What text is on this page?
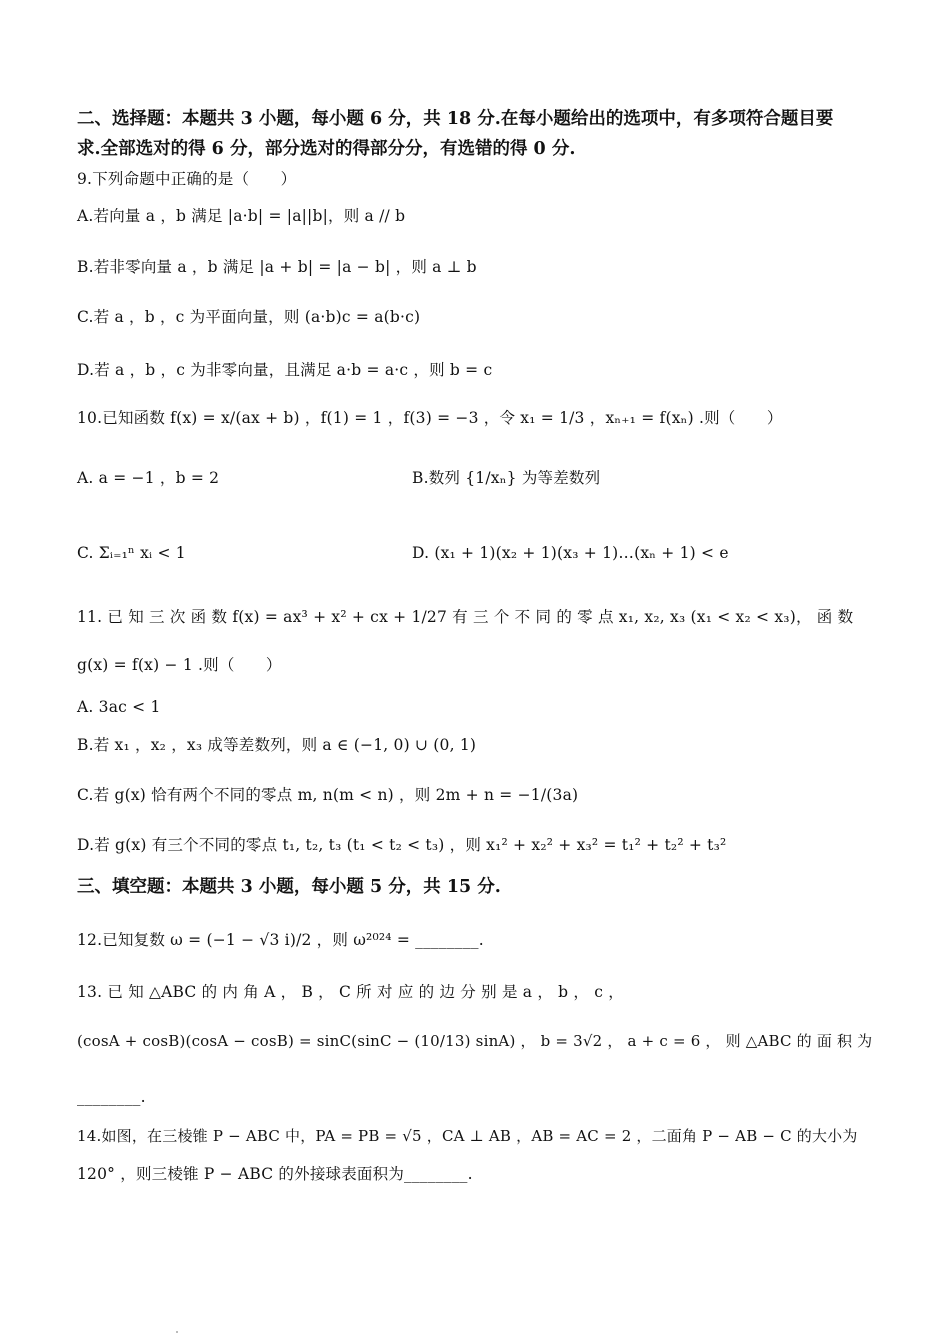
二、选择题：本题共 3 小题，每小题 6 分，共 18 分.在每小题给出的选项中，有多项符合题目要
求.全部选对的得 6 分，部分选对的得部分分，有选错的得 0 分.
9.下列命题中正确的是（　　）
A.若向量 a ，b 满足 |a·b| = |a||b|，则 a // b
B.若非零向量 a ，b 满足 |a + b| = |a − b| ，则 a ⊥ b
C.若 a ，b ，c 为平面向量，则 (a·b)c = a(b·c)
D.若 a ，b ，c 为非零向量，且满足 a·b = a·c ，则 b = c
10.已知函数 f(x) = x/(ax + b) ，f(1) = 1 ，f(3) = −3 ，令 x₁ = 1/3 ，xₙ₊₁ = f(xₙ) .则（　　）
A. a = −1 ，b = 2	B.数列 {1/xₙ} 为等差数列
C. Σᵢ₌₁ⁿ xᵢ < 1	D. (x₁ + 1)(x₂ + 1)(x₃ + 1)…(xₙ + 1) < e
11. 已 知 三 次 函 数 f(x) = ax³ + x² + cx + 1/27 有 三 个 不 同 的 零 点 x₁, x₂, x₃ (x₁ < x₂ < x₃)， 函 数
g(x) = f(x) − 1 .则（　　）
A. 3ac < 1
B.若 x₁ ，x₂ ，x₃ 成等差数列，则 a ∈ (−1, 0) ∪ (0, 1)
C.若 g(x) 恰有两个不同的零点 m, n(m < n) ，则 2m + n = −1/(3a)
D.若 g(x) 有三个不同的零点 t₁, t₂, t₃ (t₁ < t₂ < t₃) ，则 x₁² + x₂² + x₃² = t₁² + t₂² + t₃²
三、填空题：本题共 3 小题，每小题 5 分，共 15 分.
12.已知复数 ω = (−1 − √3 i)/2 ，则 ω²⁰²⁴ = ________.
13. 已 知 △ABC 的 内 角 A ， B ， C 所 对 应 的 边 分 别 是 a ， b ， c ，
(cosA + cosB)(cosA − cosB) = sinC(sinC − (10/13) sinA) ， b = 3√2 ， a + c = 6 ， 则 △ABC 的 面 积 为
________.
14.如图，在三棱锥 P − ABC 中，PA = PB = √5 ，CA ⊥ AB ，AB = AC = 2 ，二面角 P − AB − C 的大小为
120° ，则三棱锥 P − ABC 的外接球表面积为________.
